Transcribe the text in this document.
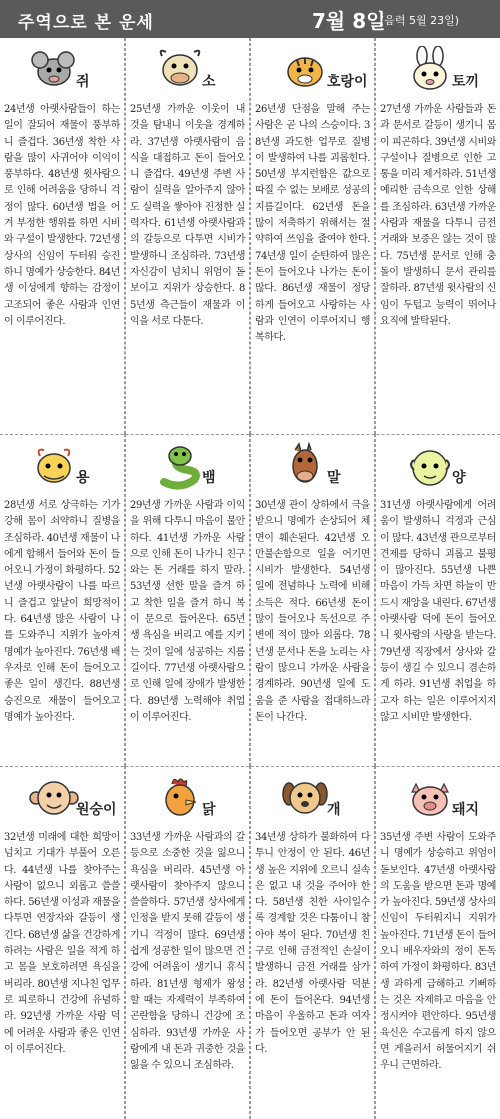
주역으로 본 운세	7월 8일
(음력 5월 23일)
쥐
24년생 아랫사람들이 하는 일이 잘되어 재물이 풍부하니 즐겁다. 36년생 착한 사람을 많이 사귀어야 이익이 풍부하다. 48년생 윗사람으로 인해 어려움을 당하니 걱정이 많다. 60년생 법을 어겨 부정한 행위를 하면 시비와 구설이 발생한다. 72년생 상사의 신임이 두터워 승진하니 명예가 상승한다. 84년생 이성에게 향하는 감정이 고조되어 좋은 사람과 인연이 이루어진다.
소
25년생 가까운 이웃이 내 것을 탐내니 이웃을 경계하라. 37년생 아랫사람이 음식을 대접하고 돈이 들어오니 즐겁다. 49년생 주변 사람이 실력을 알아주지 않아도 실력을 쌓아야 진정한 실력자다. 61년생 아랫사람과의 갈등으로 다투면 시비가 발생하니 조심하라. 73년생 자신감이 넘치니 위엄이 돋보이고 지위가 상승한다. 85년생 측근들이 재물과 이익을 서로 다툰다.
호랑이
26년생 단점을 말해 주는 사람은 곧 나의 스승이다. 38년생 과도한 업무로 질병이 발생하여 나를 괴롭힌다. 50년생 부지런함은 값으로 따질 수 없는 보배로 성공의 지름길이다. 62년생 돈을 많이 저축하기 위해서는 절약하여 쓰임을 줄여야 한다. 74년생 일이 순탄하여 많은 돈이 들어오나 나가는 돈이 많다. 86년생 재물이 정당하게 들어오고 사랑하는 사람과 인연이 이루어지니 행복하다.
토끼
27년생 가까운 사람들과 돈과 문서로 갈등이 생기니 몸이 피곤하다. 39년생 시비와 구설이나 질병으로 인한 고통을 미리 제거하라. 51년생 예리한 금속으로 인한 상해를 조심하라. 63년생 가까운 사람과 재물을 다투니 금전거래와 보증은 않는 것이 많다. 75년생 문서로 인해 충돌이 발생하니 문서 관리를 잘하라. 87년생 윗사람의 신임이 두텁고 능력이 뛰어나 요직에 발탁된다.
용
28년생 서로 상극하는 기가 강해 몸이 쇠약하니 질병을 조심하라. 40년생 재물이 나에게 합해서 들어와 돈이 들어오니 가정이 화평하다. 52년생 아랫사람이 나를 따르니 즐겁고 앞날이 희망적이다. 64년생 많은 사람이 나를 도와주니 지위가 높아져 명예가 높아진다. 76년생 배우자로 인해 돈이 들어오고 좋은 일이 생긴다. 88년생 승진으로 재물이 들어오고 명예가 높아진다.
뱀
29년생 가까운 사람과 이익을 위해 다투니 마음이 불안하다. 41년생 가까운 사람으로 인해 돈이 나가니 친구와는 돈 거래를 하지 말라. 53년생 선한 말을 즐겨 하고 착한 일을 즐겨 하니 복이 문으로 들어온다. 65년생 욕심을 버리고 예를 지키는 것이 일에 성공하는 지름길이다. 77년생 아랫사람으로 인해 일에 장애가 발생한다. 89년생 노력해야 취업이 이루어진다.
말
30년생 관이 상하에서 극을 받으니 명예가 손상되어 체면이 훼손된다. 42년생 오만불손함으로 일을 어기면 시비가 발생한다. 54년생 일에 전념하나 노력에 비해 소득은 적다. 66년생 돈이 많이 들어오나 독선으로 주변에 적이 많아 외롭다. 78년생 문서나 돈을 노리는 사람이 많으니 가까운 사람을 경계하라. 90년생 일에 도움을 준 사람을 접대하느라 돈이 나간다.
양
31년생 아랫사람에게 어려움이 발생하니 걱정과 근심이 많다. 43년생 관으로부터 견제를 당하니 괴롭고 불평이 많아진다. 55년생 나쁜 마음이 가득 차면 하늘이 반드시 재앙을 내린다. 67년생 아랫사람 덕에 돈이 들어오니 윗사람의 사랑을 받는다. 79년생 직장에서 상사와 갈등이 생길 수 있으니 겸손하게 하라. 91년생 취업을 하고자 하는 일은 이루어지지 않고 시비만 발생한다.
원숭이
32년생 미래에 대한 희망이 넘치고 기대가 부풀어 오른다. 44년생 나를 찾아주는 사람이 없으니 외롭고 쓸쓸하다. 56년생 이성과 재물을 다투면 연장자와 갈등이 생긴다. 68년생 삶을 건강하게 하려는 사람은 일을 적게 하고 몸을 보호하려면 욕심을 버리라. 80년생 지나친 업무로 피로하니 건강에 유념하라. 92년생 가까운 사람 덕에 어려운 사람과 좋은 인연이 이루어진다.
닭
33년생 가까운 사람과의 갈등으로 소중한 것을 잃으니 욕심을 버리라. 45년생 아랫사람이 찾아주지 않으니 쓸쓸하다. 57년생 상사에게 인정을 받지 못해 갈등이 생기니 걱정이 많다. 69년생 쉽게 성공한 일이 많으면 건강에 어려움이 생기니 휴식하라. 81년생 형제가 왕성할 때는 자제력이 부족하여 곤란함을 당하니 건강에 조심하라. 93년생 가까운 사람에게 내 돈과 귀중한 것을 잃을 수 있으니 조심하라.
개
34년생 상하가 불화하여 다투니 안정이 안 된다. 46년생 높은 지위에 오르니 실속은 없고 내 것을 주어야 한다. 58년생 친한 사이일수록 경계할 것은 다툼이니 참아야 복이 된다. 70년생 친구로 인해 금전적인 손실이 발생하니 금전 거래를 삼가라. 82년생 아랫사람 덕분에 돈이 들어온다. 94년생 마음이 우울하고 돈과 여자가 들어오면 공부가 안 된다.
돼지
35년생 주변 사람이 도와주니 명예가 상승하고 위엄이 돋보인다. 47년생 아랫사람의 도움을 받으면 돈과 명예가 높아진다. 59년생 상사의 신임이 두터워지니 지위가 높아진다. 71년생 돈이 들어오니 배우자와의 정이 돈독하여 가정이 화평하다. 83년생 과하게 급해하고 기뻐하는 것은 자제하고 마음을 안정시켜야 편안하다. 95년생 육신은 수고롭게 하지 않으면 게을러서 허물어지기 쉬우니 근면하라.
